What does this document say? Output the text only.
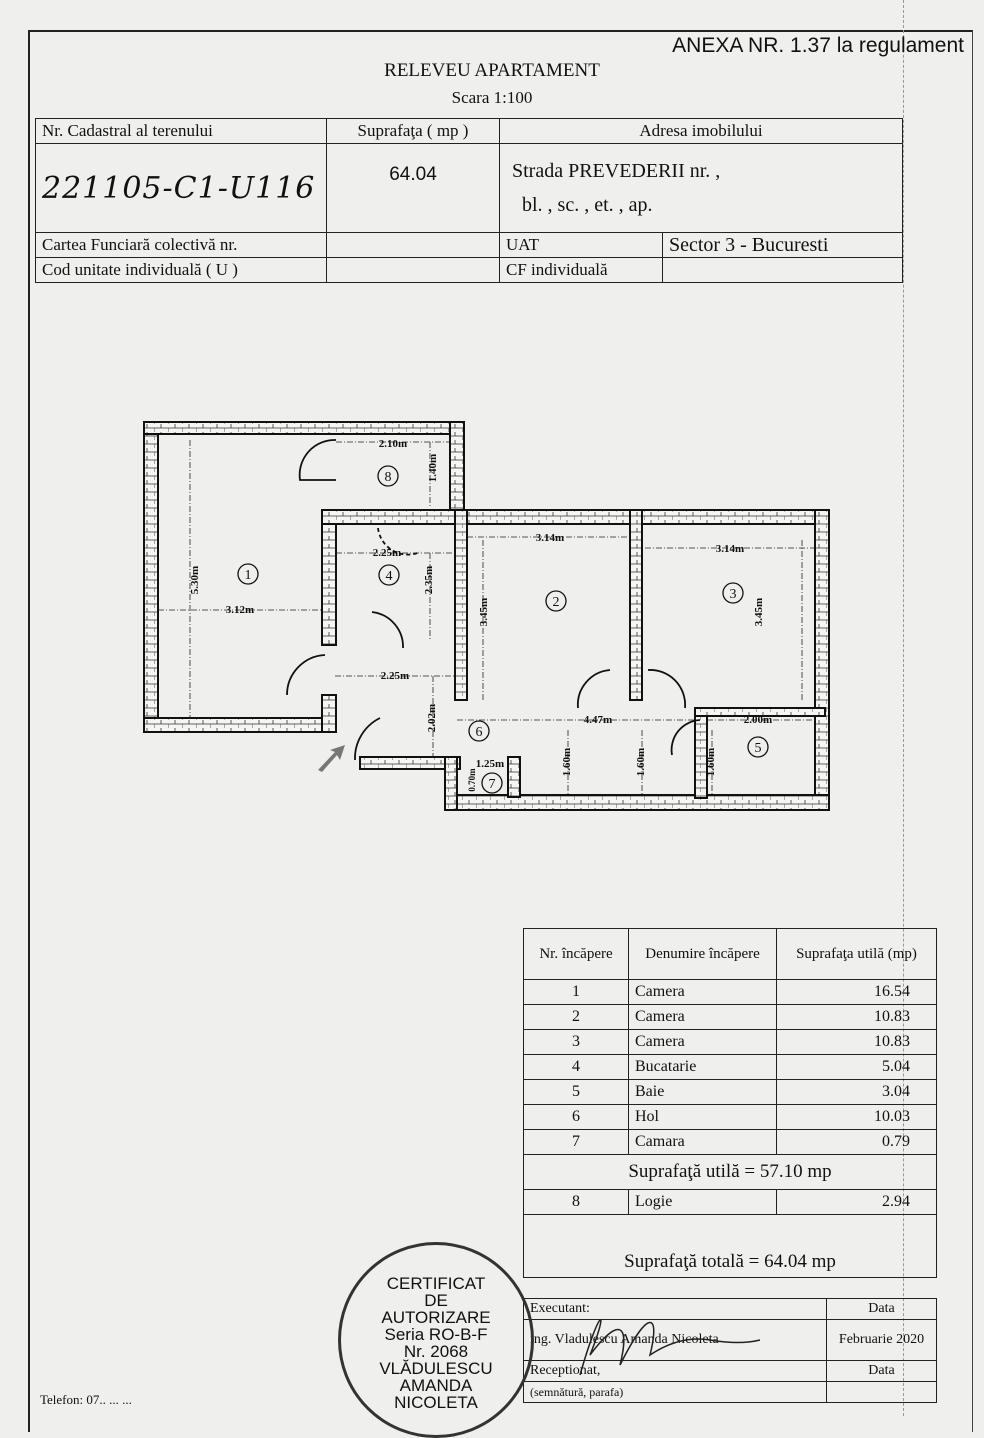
ANEXA NR. 1.37 la regulament
RELEVEU APARTAMENT
Scara 1:100
Nr. Cadastral al terenului	Suprafaţa ( mp )	Adresa imobilului	
221105-C1-U116	64.04	Strada PREVEDERII nr. ,
bl. , sc. , et. , ap.	

Cartea Funciară colectivă nr.		UAT	Sector 3 - Bucuresti
Cod unitate individuală ( U )		CF individuală	
3.12m
5.30m
2.10m
1.40m
2.25m
2.35m
3.14m
3.45m
3.14m
3.45m
2.25m
2.02m	4.47m	2.00m
1.60m	1.60m	1.60m
1.25m
0.70m
1
2
3
4
5
6
7
8
Nr. încăpere	Denumire încăpere	Suprafaţa utilă (mp)
1	Camera	16.54
2	Camera	10.83
3	Camera	10.83
4	Bucatarie	5.04
5	Baie	3.04
6	Hol	10.03
7	Camara	0.79
Suprafaţă utilă = 57.10 mp		
8	Logie	2.94
Suprafaţă totală = 64.04 mp		
Executant:	Data
ing. Vladulescu Amanda Nicoleta	Februarie 2020
Receptionat,	Data
(semnătură, parafa)	
CERTIFICAT
DE
AUTORIZARE
Seria RO-B-F
Nr. 2068
VLĂDULESCU
AMANDA
NICOLETA
Telefon: 07.. ... ...
